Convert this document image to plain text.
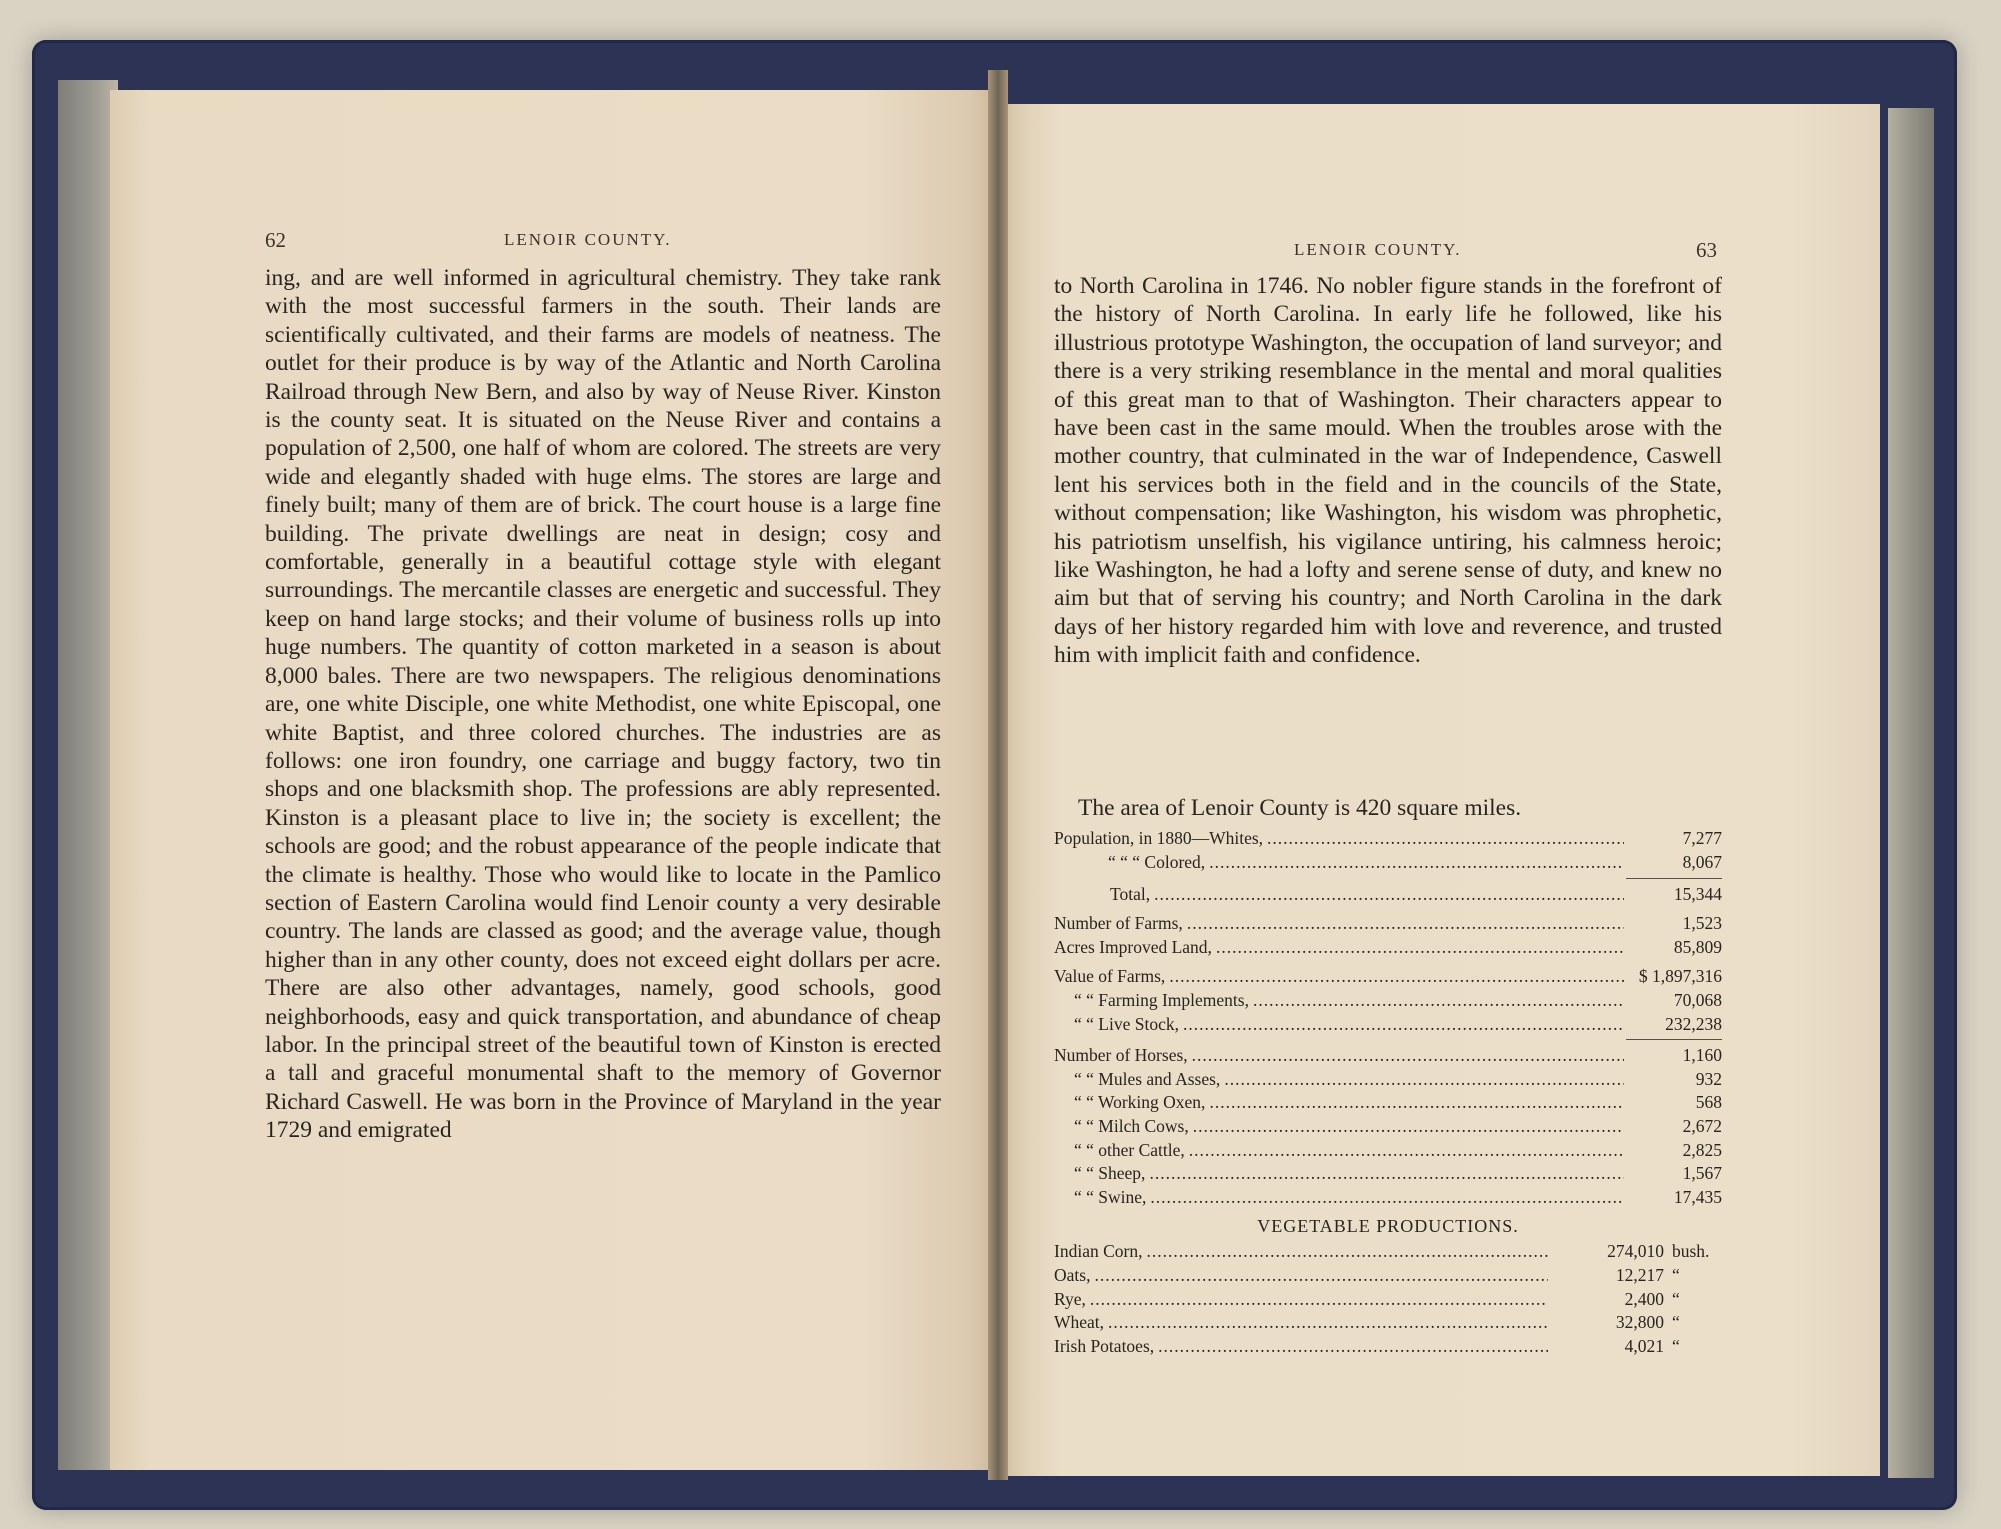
62	LENOIR COUNTY.
ing, and are well informed in agricultural chemistry. They take rank with the most successful farmers in the south. Their lands are scientifically cultivated, and their farms are models of neatness. The outlet for their produce is by way of the Atlantic and North Carolina Railroad through New Bern, and also by way of Neuse River. Kinston is the county seat. It is situated on the Neuse River and contains a population of 2,500, one half of whom are colored. The streets are very wide and elegantly shaded with huge elms. The stores are large and finely built; many of them are of brick. The court house is a large fine building. The private dwellings are neat in design; cosy and comfortable, generally in a beautiful cottage style with elegant surroundings. The mercantile classes are energetic and successful. They keep on hand large stocks; and their volume of business rolls up into huge numbers. The quantity of cotton marketed in a season is about 8,000 bales. There are two newspapers. The religious denominations are, one white Disciple, one white Methodist, one white Episcopal, one white Baptist, and three colored churches. The industries are as follows: one iron foundry, one carriage and buggy factory, two tin shops and one blacksmith shop. The professions are ably represented. Kinston is a pleasant place to live in; the society is excellent; the schools are good; and the robust appearance of the people indicate that the climate is healthy. Those who would like to locate in the Pamlico section of Eastern Carolina would find Lenoir county a very desirable country. The lands are classed as good; and the average value, though higher than in any other county, does not exceed eight dollars per acre. There are also other advantages, namely, good schools, good neighborhoods, easy and quick transportation, and abundance of cheap labor. In the principal street of the beautiful town of Kinston is erected a tall and graceful monumental shaft to the memory of Governor Richard Caswell. He was born in the Province of Maryland in the year 1729 and emigrated
LENOIR COUNTY.	63
to North Carolina in 1746. No nobler figure stands in the forefront of the history of North Carolina. In early life he followed, like his illustrious prototype Washington, the occupation of land surveyor; and there is a very striking resemblance in the mental and moral qualities of this great man to that of Washington. Their characters appear to have been cast in the same mould. When the troubles arose with the mother country, that culminated in the war of Independence, Caswell lent his services both in the field and in the councils of the State, without compensation; like Washington, his wisdom was phrophetic, his patriotism unselfish, his vigilance untiring, his calmness heroic; like Washington, he had a lofty and serene sense of duty, and knew no aim but that of serving his country; and North Carolina in the dark days of her history regarded him with love and reverence, and trusted him with implicit faith and confidence.
The area of Lenoir County is 420 square miles.
Population, in 1880—Whites, .....	7,277
“ “ “ Colored, .....	8,067
Total, .....	15,344
Number of Farms, .....	1,523
Acres Improved Land, .....	85,809
Value of Farms, .....	$ 1,897,316
“ “ Farming Implements, .....	70,068
“ “ Live Stock, .....	232,238
Number of Horses, .....	1,160
“ “ Mules and Asses, .....	932
“ “ Working Oxen, .....	568
“ “ Milch Cows, .....	2,672
“ “ other Cattle, .....	2,825
“ “ Sheep, .....	1,567
“ “ Swine, .....	17,435
VEGETABLE PRODUCTIONS.
Indian Corn, .....	274,010 bush.
Oats, .....	12,217 “
Rye, .....	2,400 “
Wheat, .....	32,800 “
Irish Potatoes, .....	4,021 “
